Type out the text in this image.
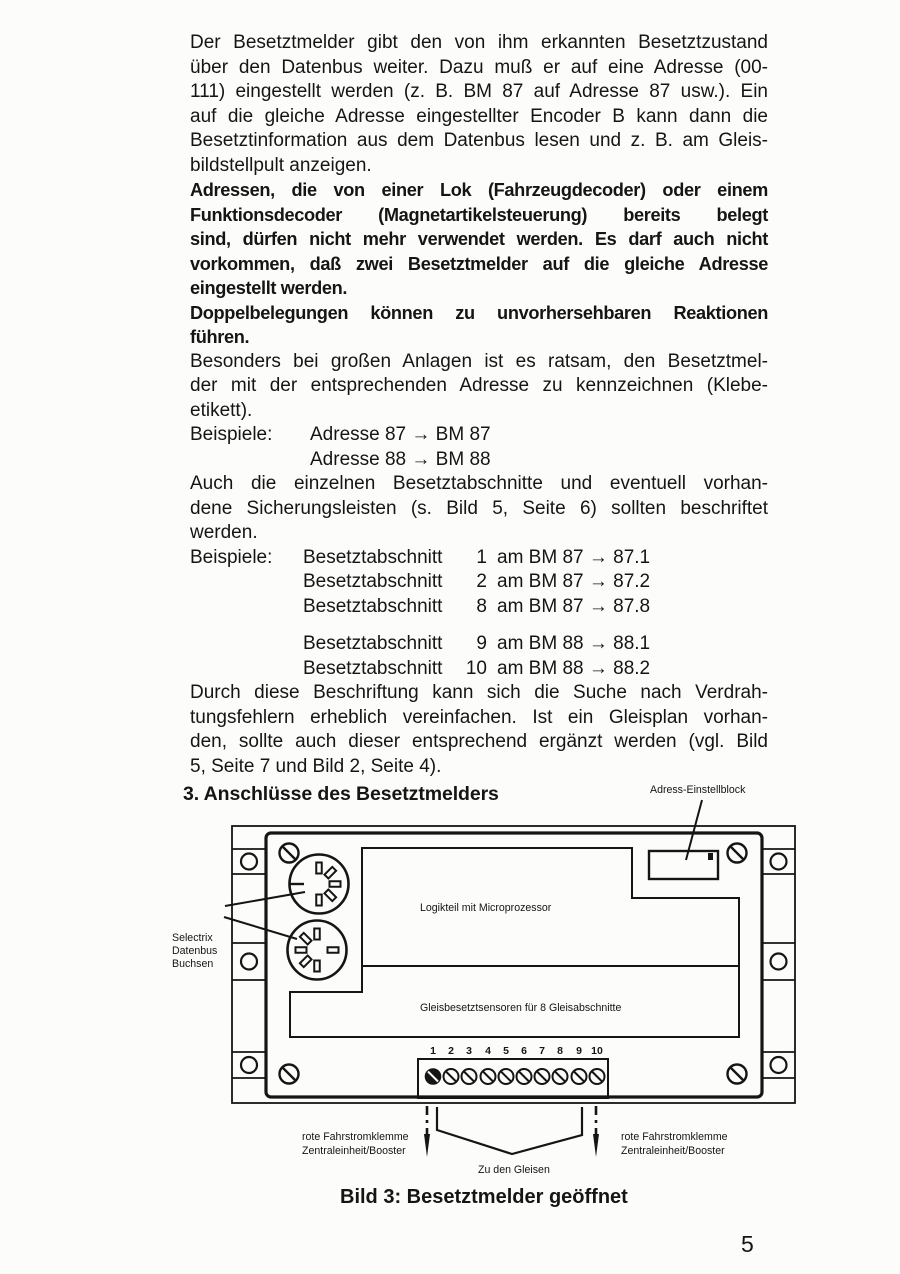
Der Besetztmelder gibt den von ihm erkannten Besetztzustand
über den Datenbus weiter. Dazu muß er auf eine Adresse (00-
111) eingestellt werden (z. B. BM 87 auf Adresse 87 usw.). Ein
auf die gleiche Adresse eingestellter Encoder B kann dann die
Besetztinformation aus dem Datenbus lesen und z. B. am Gleis-
bildstellpult anzeigen.
Adressen, die von einer Lok (Fahrzeugdecoder) oder einem
Funktionsdecoder (Magnetartikelsteuerung) bereits belegt
sind, dürfen nicht mehr verwendet werden. Es darf auch nicht
vorkommen, daß zwei Besetztmelder auf die gleiche Adresse
eingestellt werden.
Doppelbelegungen können zu unvorhersehbaren Reaktionen
führen.
Besonders bei großen Anlagen ist es ratsam, den Besetztmel-
der mit der entsprechenden Adresse zu kennzeichnen (Klebe-
etikett).
Beispiele: Adresse 87 → BM 87
Adresse 88 → BM 88
Auch die einzelnen Besetztabschnitte und eventuell vorhan-
dene Sicherungsleisten (s. Bild 5, Seite 6) sollten beschriftet
werden.
Beispiele:	Besetztabschnitt	1 am BM 87 → 87.1
Besetztabschnitt	2 am BM 87 → 87.2
Besetztabschnitt	8 am BM 87 → 87.8
Besetztabschnitt	9 am BM 88 → 88.1
Besetztabschnitt	10 am BM 88 → 88.2
Durch diese Beschriftung kann sich die Suche nach Verdrah-
tungsfehlern erheblich vereinfachen. Ist ein Gleisplan vorhan-
den, sollte auch dieser entsprechend ergänzt werden (vgl. Bild
5, Seite 7 und Bild 2, Seite 4).
3. Anschlüsse des Besetztmelders
1 2 3 4 5 6 7 8 9 10
Adress-Einstellblock
Selectrix
Datenbus
Buchsen
Logikteil mit Microprozessor
Gleisbesetztsensoren für 8 Gleisabschnitte
rote Fahrstromklemme
Zentraleinheit/Booster
rote Fahrstromklemme
Zentraleinheit/Booster
Zu den Gleisen
Bild 3: Besetztmelder geöffnet
5
